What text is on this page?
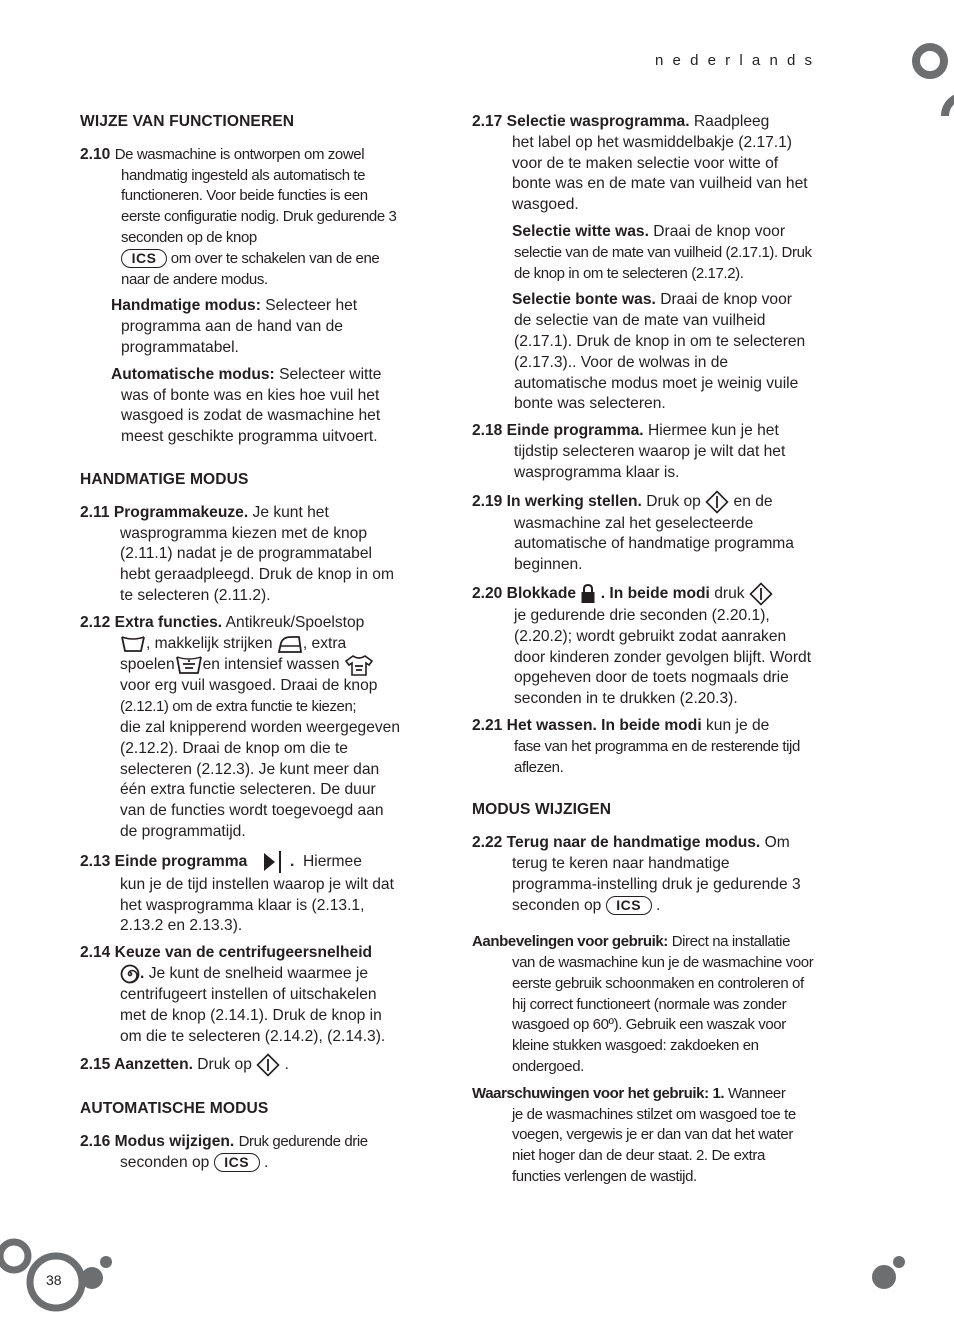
38
nederlands
WIJZE VAN FUNCTIONEREN
2.10 De wasmachine is ontworpen om zowel
handmatig ingesteld als automatisch te functioneren. Voor beide functies is een eerste configuratie nodig. Druk gedurende 3 seconden op de knop
ICS om over te schakelen van de ene naar de andere modus.
Handmatige modus: Selecteer het
programma aan de hand van de programmatabel.
Automatische modus: Selecteer witte
was of bonte was en kies hoe vuil het wasgoed is zodat de wasmachine het meest geschikte programma uitvoert.
HANDMATIGE MODUS
2.11 Programmakeuze. Je kunt het
wasprogramma kiezen met de knop (2.11.1) nadat je de programmatabel hebt geraadpleegd. Druk de knop in om te selecteren (2.11.2).
2.12 Extra functies. Antikreuk/Spoelstop
, makkelijk strijken , extra
spoelen en intensief wassen
voor erg vuil wasgoed. Draai de knop
(2.12.1) om de extra functie te kiezen;
die zal knipperend worden weergegeven (2.12.2). Draai de knop om die te selecteren (2.12.3). Je kunt meer dan één extra functie selecteren. De duur van de functies wordt toegevoegd aan de programmatijd.
2.13 Einde programma	. Hiermee
kun je de tijd instellen waarop je wilt dat het wasprogramma klaar is (2.13.1, 2.13.2 en 2.13.3).
2.14 Keuze van de centrifugeersnelheid
. Je kunt de snelheid waarmee je centrifugeert instellen of uitschakelen met de knop (2.14.1). Druk de knop in om die te selecteren (2.14.2), (2.14.3).
2.15 Aanzetten. Druk op .
AUTOMATISCHE MODUS
2.16 Modus wijzigen. Druk gedurende drie
seconden op ICS .
2.17 Selectie wasprogramma. Raadpleeg
het label op het wasmiddelbakje (2.17.1) voor de te maken selectie voor witte of bonte was en de mate van vuilheid van het wasgoed.
Selectie witte was. Draai de knop voor
selectie van de mate van vuilheid (2.17.1). Druk de knop in om te selecteren (2.17.2).
Selectie bonte was. Draai de knop voor
de selectie van de mate van vuilheid (2.17.1). Druk de knop in om te selecteren (2.17.3).. Voor de wolwas in de automatische modus moet je weinig vuile bonte was selecteren.
2.18 Einde programma. Hiermee kun je het
tijdstip selecteren waarop je wilt dat het wasprogramma klaar is.
2.19 In werking stellen. Druk op en de
wasmachine zal het geselecteerde automatische of handmatige programma beginnen.
2.20 Blokkade . In beide modi druk
je gedurende drie seconden (2.20.1), (2.20.2); wordt gebruikt zodat aanraken door kinderen zonder gevolgen blijft. Wordt opgeheven door de toets nogmaals drie seconden in te drukken (2.20.3).
2.21 Het wassen. In beide modi kun je de
fase van het programma en de resterende tijd aflezen.
MODUS WIJZIGEN
2.22 Terug naar de handmatige modus. Om
terug te keren naar handmatige programma-instelling druk je gedurende 3 seconden op ICS .
Aanbevelingen voor gebruik: Direct na installatie
van de wasmachine kun je de wasmachine voor eerste gebruik schoonmaken en controleren of hij correct functioneert (normale was zonder wasgoed op 60º). Gebruik een waszak voor kleine stukken wasgoed: zakdoeken en ondergoed.
Waarschuwingen voor het gebruik: 1. Wanneer
je de wasmachines stilzet om wasgoed toe te voegen, vergewis je er dan van dat het water niet hoger dan de deur staat. 2. De extra functies verlengen de wastijd.
